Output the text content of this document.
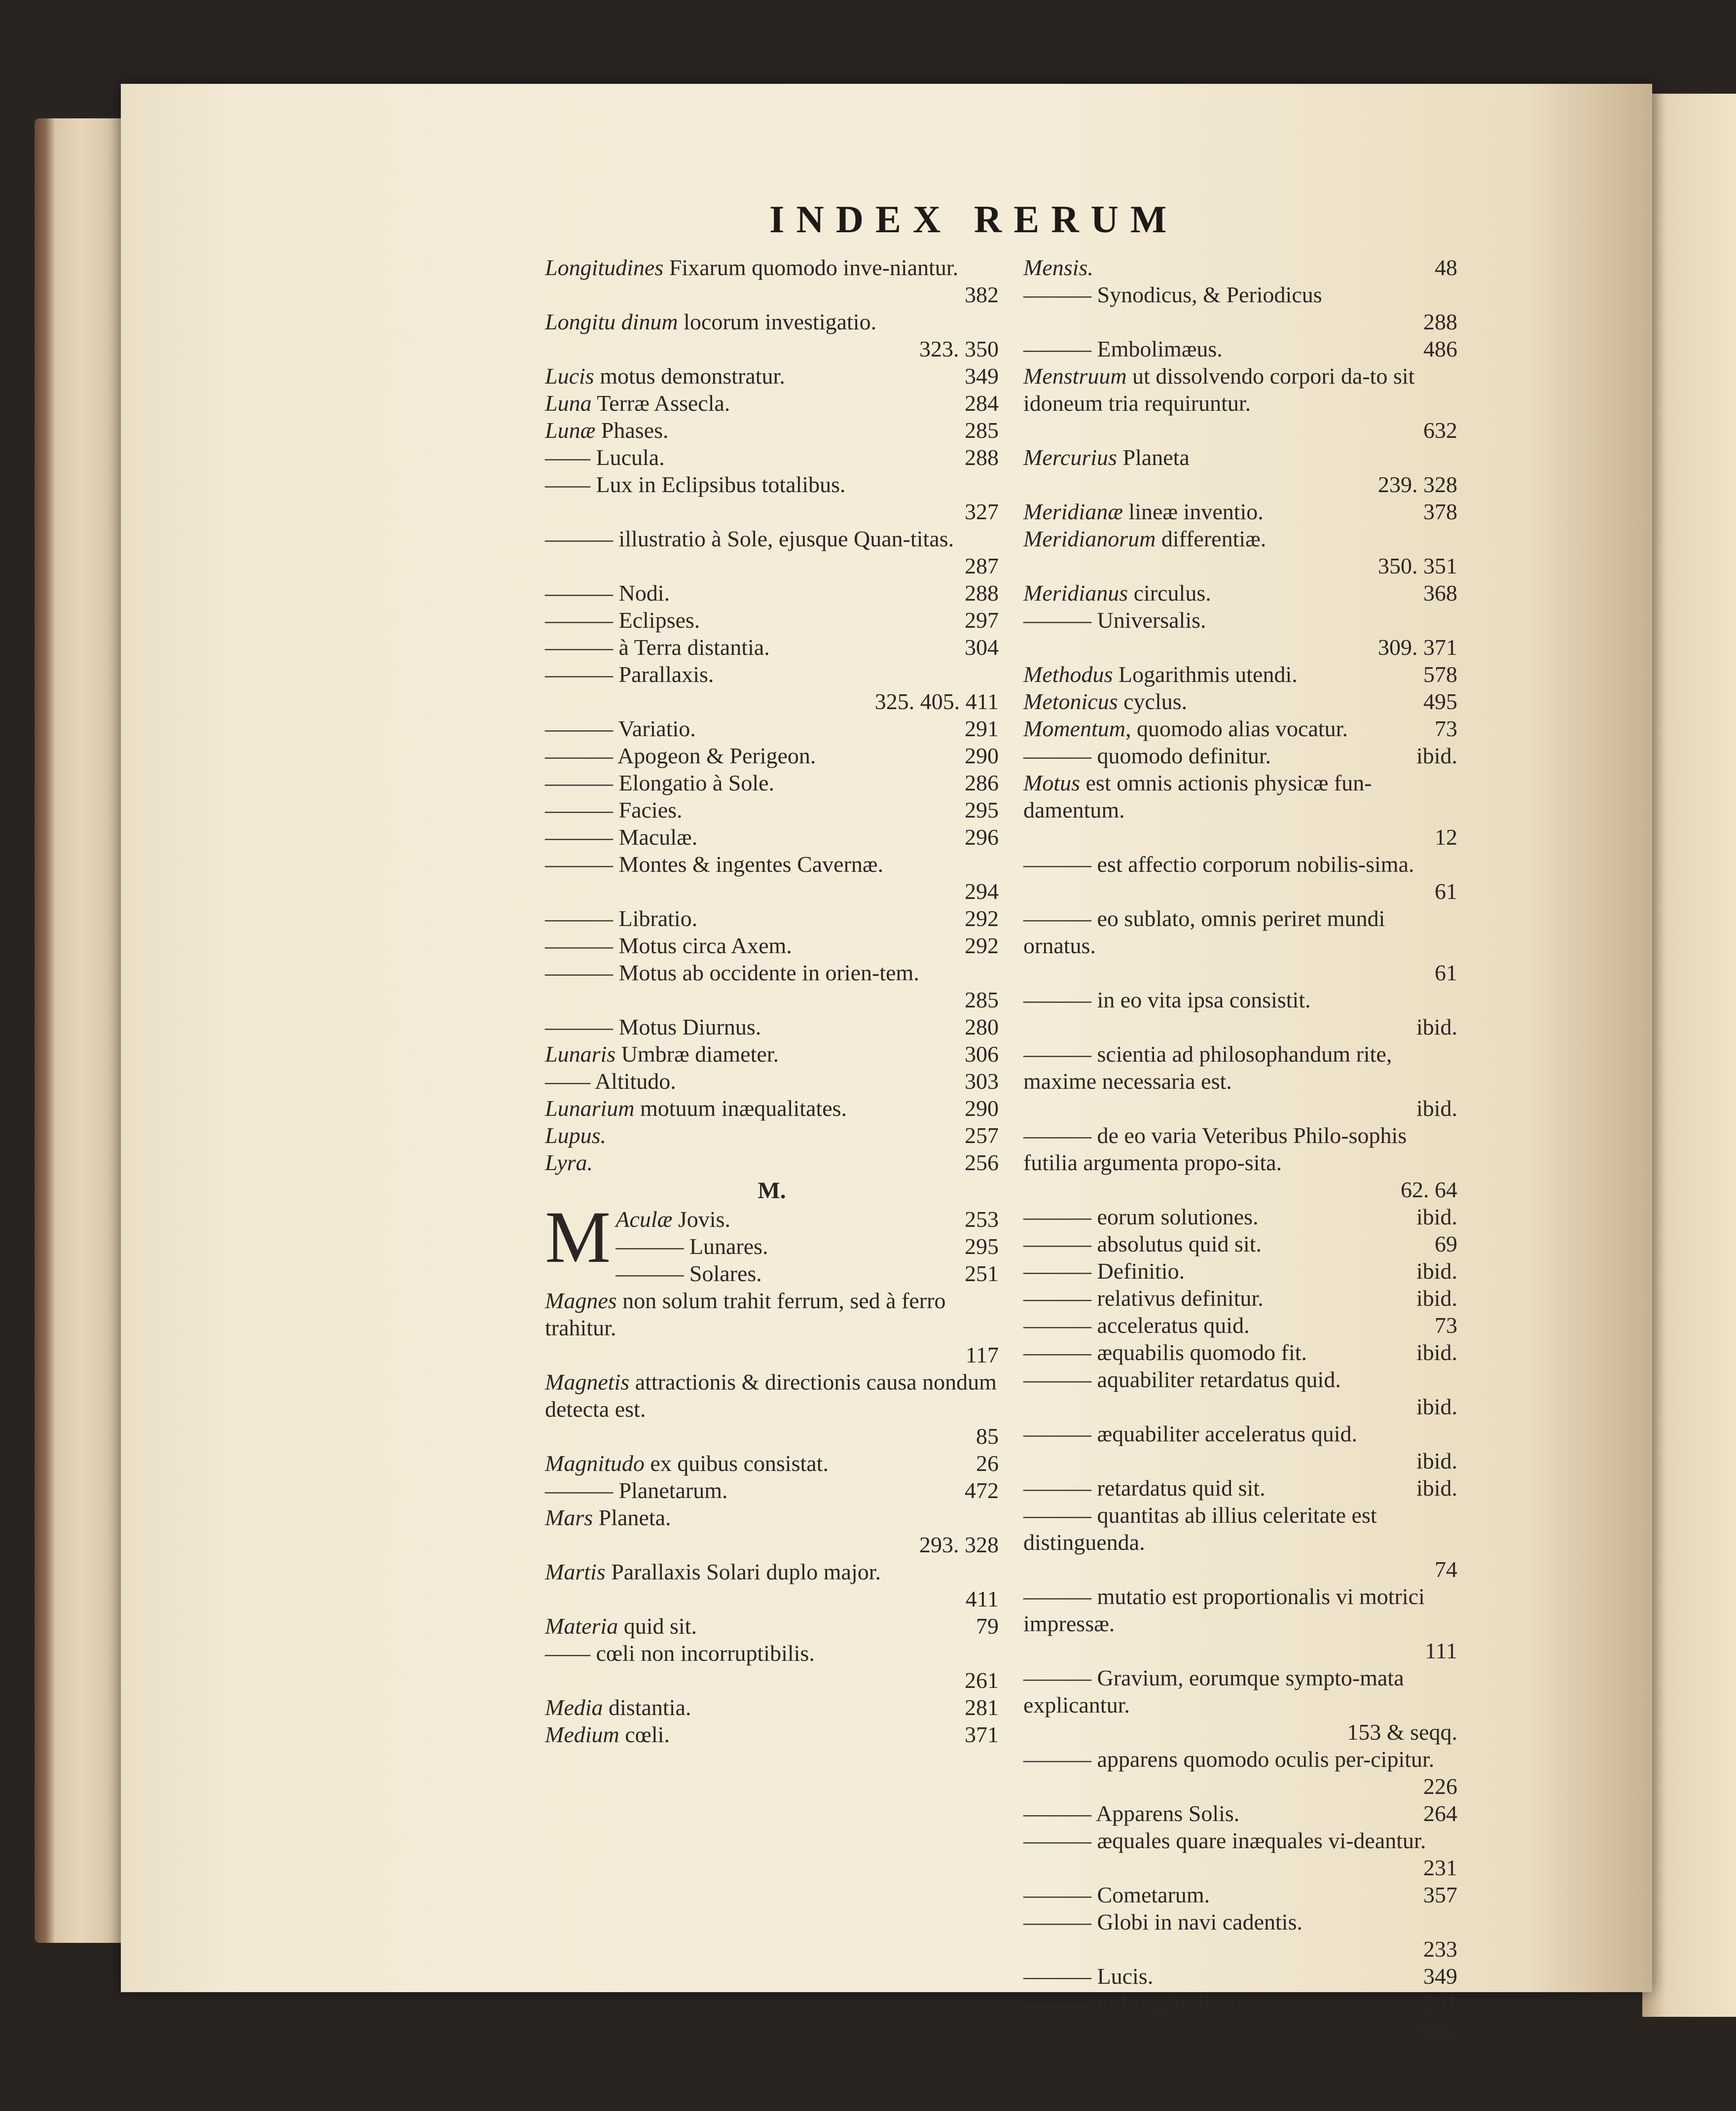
INDEX RERUM
Longitudines Fixarum quomodo inve-niantur.
382
Longitu dinum locorum investigatio.
323. 350
Lucis motus demonstratur.	349
Luna Terræ Assecla.	284
Lunæ Phases.	285
—— Lucula.	288
—— Lux in Eclipsibus totalibus.
327
——— illustratio à Sole, ejusque Quan-titas.
287
——— Nodi.	288
——— Eclipses.	297
——— à Terra distantia.	304
——— Parallaxis.
325. 405. 411
——— Variatio.	291
——— Apogeon & Perigeon.	290
——— Elongatio à Sole.	286
——— Facies.	295
——— Maculæ.	296
——— Montes & ingentes Cavernæ.
294
——— Libratio.	292
——— Motus circa Axem.	292
——— Motus ab occidente in orien-tem.
285
——— Motus Diurnus.	280
Lunaris Umbræ diameter.	306
—— Altitudo.	303
Lunarium motuum inæqualitates.	290
Lupus.	257
Lyra.	256
M.
M Aculæ Jovis.	253
——— Lunares.	295
——— Solares.	251
Magnes non solum trahit ferrum, sed à ferro trahitur.
117
Magnetis attractionis & directionis causa nondum detecta est.
85
Magnitudo ex quibus consistat.	26
——— Planetarum.	472
Mars Planeta.
293. 328
Martis Parallaxis Solari duplo major.
411
Materia quid sit.	79
—— cœli non incorruptibilis.
261
Media distantia.	281
Medium cœli.	371
Mensis.	48
——— Synodicus, & Periodicus
288
——— Embolimæus.	486
Menstruum ut dissolvendo corpori da-to sit idoneum tria requiruntur.
632
Mercurius Planeta
239. 328
Meridianæ lineæ inventio.	378
Meridianorum differentiæ.
350. 351
Meridianus circulus.	368
——— Universalis.
309. 371
Methodus Logarithmis utendi.	578
Metonicus cyclus.	495
Momentum, quomodo alias vocatur.	73
——— quomodo definitur.	ibid.
Motus est omnis actionis physicæ fun-damentum.
12
——— est affectio corporum nobilis-sima.
61
——— eo sublato, omnis periret mundi ornatus.
61
——— in eo vita ipsa consistit.
ibid.
——— scientia ad philosophandum rite, maxime necessaria est.
ibid.
——— de eo varia Veteribus Philo-sophis futilia argumenta propo-sita.
62. 64
——— eorum solutiones.	ibid.
——— absolutus quid sit.	69
——— Definitio.	ibid.
——— relativus definitur.	ibid.
——— acceleratus quid.	73
——— æquabilis quomodo fit.	ibid.
——— aquabiliter retardatus quid.
ibid.
——— æquabiliter acceleratus quid.
ibid.
——— retardatus quid sit.	ibid.
——— quantitas ab illius celeritate est distinguenda.
74
——— mutatio est proportionalis vi motrici impressæ.
111
——— Gravium, eorumque sympto-mata explicantur.
153 & seqq.
——— apparens quomodo oculis per-cipitur.
226
——— Apparens Solis.	264
——— æquales quare inæquales vi-deantur.
231
——— Cometarum.	357
——— Globi in navi cadentis.
233
——— Lucis.	349
——— in Longitudinem.	281
Mo-
